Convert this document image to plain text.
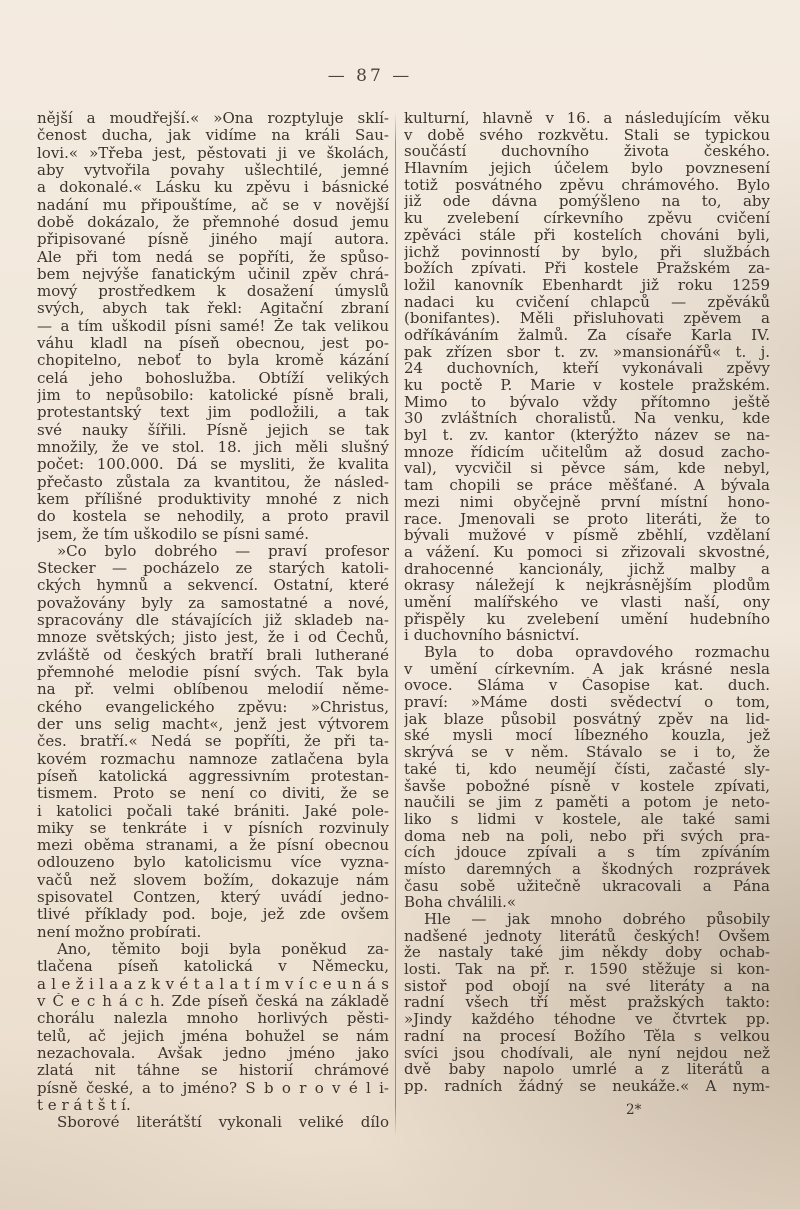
— 87 —
nější a moudřejší.« »Ona rozptyluje sklí-
čenost ducha, jak vidíme na králi Sau-
lovi.« »Třeba jest, pěstovati ji ve školách,
aby vytvořila povahy ušlechtilé, jemné
a dokonalé.« Lásku ku zpěvu i básnické
nadání mu připouštíme, ač se v novější
době dokázalo, že přemnohé dosud jemu
připisované písně jiného mají autora.
Ale při tom nedá se popříti, že spůso-
bem nejvýše fanatickým učinil zpěv chrá-
mový prostředkem k dosažení úmyslů
svých, abych tak řekl: Agitační zbraní
— a tím uškodil písni samé! Že tak velikou
váhu kladl na píseň obecnou, jest po-
chopitelno, neboť to byla kromě kázání
celá jeho bohoslužba. Obtíží velikých
jim to nepůsobilo: katolické písně brali,
protestantský text jim podložili, a tak
své nauky šířili. Písně jejich se tak
množily, že ve stol. 18. jich měli slušný
počet: 100.000. Dá se mysliti, že kvalita
přečasto zůstala za kvantitou, že násled-
kem přílišné produktivity mnohé z nich
do kostela se nehodily, a proto pravil
jsem, že tím uškodilo se písni samé.
»Co bylo dobrého — praví profesor
Stecker — pocházelo ze starých katoli-
ckých hymnů a sekvencí. Ostatní, které
považovány byly za samostatné a nové,
spracovány dle stávajících již skladeb na-
mnoze světských; jisto jest, že i od Čechů,
zvláště od českých bratří brali lutherané
přemnohé melodie písní svých. Tak byla
na př. velmi oblíbenou melodií něme-
ckého evangelického zpěvu: »Christus,
der uns selig macht«, jenž jest výtvorem
čes. bratří.« Nedá se popříti, že při ta-
kovém rozmachu namnoze zatlačena byla
píseň katolická aggressivním protestan-
tismem. Proto se není co diviti, že se
i katolici počali také brániti. Jaké pole-
miky se tenkráte i v písních rozvinuly
mezi oběma stranami, a že písní obecnou
odlouzeno bylo katolicismu více vyzna-
vačů než slovem božím, dokazuje nám
spisovatel Contzen, který uvádí jedno-
tlivé příklady pod. boje, jež zde ovšem
není možno probírati.
Ano, těmito boji byla poněkud za-
tlačena píseň katolická v Německu,
a l e ž i l a a z k v é t a l a t í m v í c e u n á s
v Č e c h á c h. Zde píseň česká na základě
chorálu nalezla mnoho horlivých pěsti-
telů, ač jejich jména bohužel se nám
nezachovala. Avšak jedno jméno jako
zlatá nit táhne se historií chrámové
písně české, a to jméno? S b o r o v é l i-
t e r á t š t í.
Sborové literátští vykonali veliké dílo
kulturní, hlavně v 16. a následujícím věku
v době svého rozkvětu. Stali se typickou
součástí duchovního života českého.
Hlavním jejich účelem bylo povznesení
totiž posvátného zpěvu chrámového. Bylo
již ode dávna pomýšleno na to, aby
ku zvelebení církevního zpěvu cvičení
zpěváci stále při kostelích chováni byli,
jichž povinností by bylo, při službách
božích zpívati. Při kostele Pražském za-
ložil kanovník Ebenhardt již roku 1259
nadaci ku cvičení chlapců — zpěváků
(bonifantes). Měli přisluhovati zpěvem a
odříkáváním žalmů. Za císaře Karla IV.
pak zřízen sbor t. zv. »mansionářů« t. j.
24 duchovních, kteří vykonávali zpěvy
ku poctě P. Marie v kostele pražském.
Mimo to bývalo vždy přítomno ještě
30 zvláštních choralistů. Na venku, kde
byl t. zv. kantor (kterýžto název se na-
mnoze řídicím učitelům až dosud zacho-
val), vycvičil si pěvce sám, kde nebyl,
tam chopili se práce měšťané. A bývala
mezi nimi obyčejně první místní hono-
race. Jmenovali se proto literáti, že to
bývali mužové v písmě zběhlí, vzdělaní
a vážení. Ku pomoci si zřizovali skvostné,
drahocenné kancionály, jichž malby a
okrasy náležejí k nejkrásnějším plodům
umění malířského ve vlasti naší, ony
přispěly ku zvelebení umění hudebního
i duchovního básnictví.
Byla to doba opravdového rozmachu
v umění církevním. A jak krásné nesla
ovoce. Sláma v Časopise kat. duch.
praví: »Máme dosti svědectví o tom,
jak blaze působil posvátný zpěv na lid-
ské mysli mocí líbezného kouzla, jež
skrývá se v něm. Stávalo se i to, že
také ti, kdo neumějí čísti, začasté sly-
šavše pobožné písně v kostele zpívati,
naučili se jim z paměti a potom je neto-
liko s lidmi v kostele, ale také sami
doma neb na poli, nebo při svých pra-
cích jdouce zpívali a s tím zpíváním
místo daremných a škodných rozprávek
času sobě užitečně ukracovali a Pána
Boha chválili.«
Hle — jak mnoho dobrého působily
nadšené jednoty literátů českých! Ovšem
že nastaly také jim někdy doby ochab-
losti. Tak na př. r. 1590 stěžuje si kon-
sistoř pod obojí na své literáty a na
radní všech tří měst pražských takto:
»Jindy každého téhodne ve čtvrtek pp.
radní na procesí Božího Těla s velkou
svíci jsou chodívali, ale nyní nejdou než
dvě baby napolo umrlé a z literátů a
pp. radních žádný se neukáže.« A nym-
2*
